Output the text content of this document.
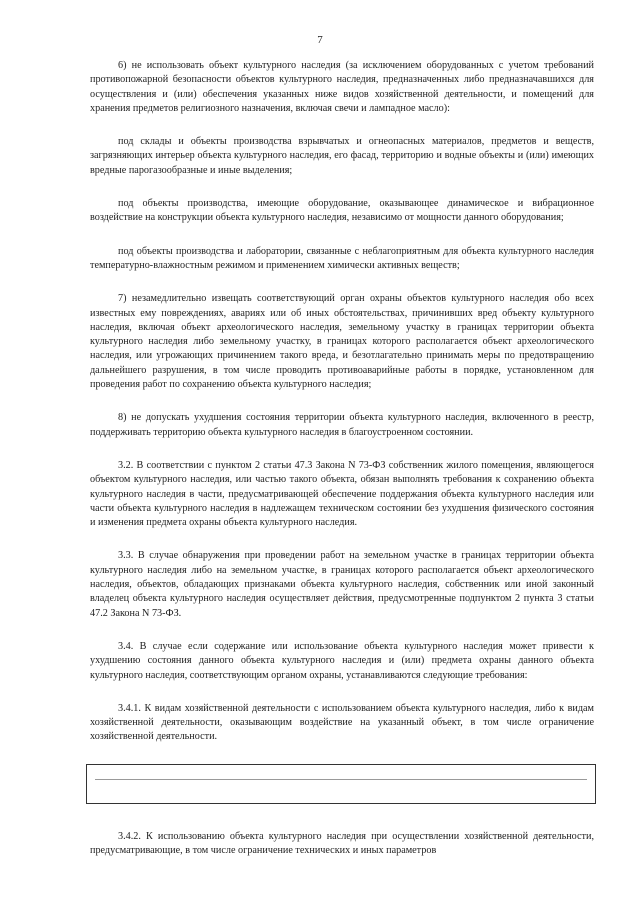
7

6) не использовать объект культурного наследия (за исключением оборудованных с учетом требований противопожарной безопасности объектов культурного наследия, предназначенных либо предназначавшихся для осуществления и (или) обеспечения указанных ниже видов хозяйственной деятельности, и помещений для хранения предметов религиозного назначения, включая свечи и лампадное масло):

под склады и объекты производства взрывчатых и огнеопасных материалов, предметов и веществ, загрязняющих интерьер объекта культурного наследия, его фасад, территорию и водные объекты и (или) имеющих вредные парогазообразные и иные выделения;

под объекты производства, имеющие оборудование, оказывающее динамическое и вибрационное воздействие на конструкции объекта культурного наследия, независимо от мощности данного оборудования;

под объекты производства и лаборатории, связанные с неблагоприятным для объекта культурного наследия температурно-влажностным режимом и применением химически активных веществ;

7) незамедлительно извещать соответствующий орган охраны объектов культурного наследия обо всех известных ему повреждениях, авариях или об иных обстоятельствах, причинивших вред объекту культурного наследия, включая объект археологического наследия, земельному участку в границах территории объекта культурного наследия либо земельному участку, в границах которого располагается объект археологического наследия, или угрожающих причинением такого вреда, и безотлагательно принимать меры по предотвращению дальнейшего разрушения, в том числе проводить противоаварийные работы в порядке, установленном для проведения работ по сохранению объекта культурного наследия;

8) не допускать ухудшения состояния территории объекта культурного наследия, включенного в реестр, поддерживать территорию объекта культурного наследия в благоустроенном состоянии.

3.2. В соответствии с пунктом 2 статьи 47.3 Закона N 73-ФЗ собственник жилого помещения, являющегося объектом культурного наследия, или частью такого объекта, обязан выполнять требования к сохранению объекта культурного наследия в части, предусматривающей обеспечение поддержания объекта культурного наследия или части объекта культурного наследия в надлежащем техническом состоянии без ухудшения физического состояния и изменения предмета охраны объекта культурного наследия.

3.3. В случае обнаружения при проведении работ на земельном участке в границах территории объекта культурного наследия либо на земельном участке, в границах которого располагается объект археологического наследия, объектов, обладающих признаками объекта культурного наследия, собственник или иной законный владелец объекта культурного наследия осуществляет действия, предусмотренные подпунктом 2 пункта 3 статьи 47.2 Закона N 73-ФЗ.

3.4. В случае если содержание или использование объекта культурного наследия может привести к ухудшению состояния данного объекта культурного наследия и (или) предмета охраны данного объекта культурного наследия, соответствующим органом охраны, устанавливаются следующие требования:

3.4.1. К видам хозяйственной деятельности с использованием объекта культурного наследия, либо к видам хозяйственной деятельности, оказывающим воздействие на указанный объект, в том числе ограничение хозяйственной деятельности.

3.4.2. К использованию объекта культурного наследия при осуществлении хозяйственной деятельности, предусматривающие, в том числе ограничение технических и иных параметров
